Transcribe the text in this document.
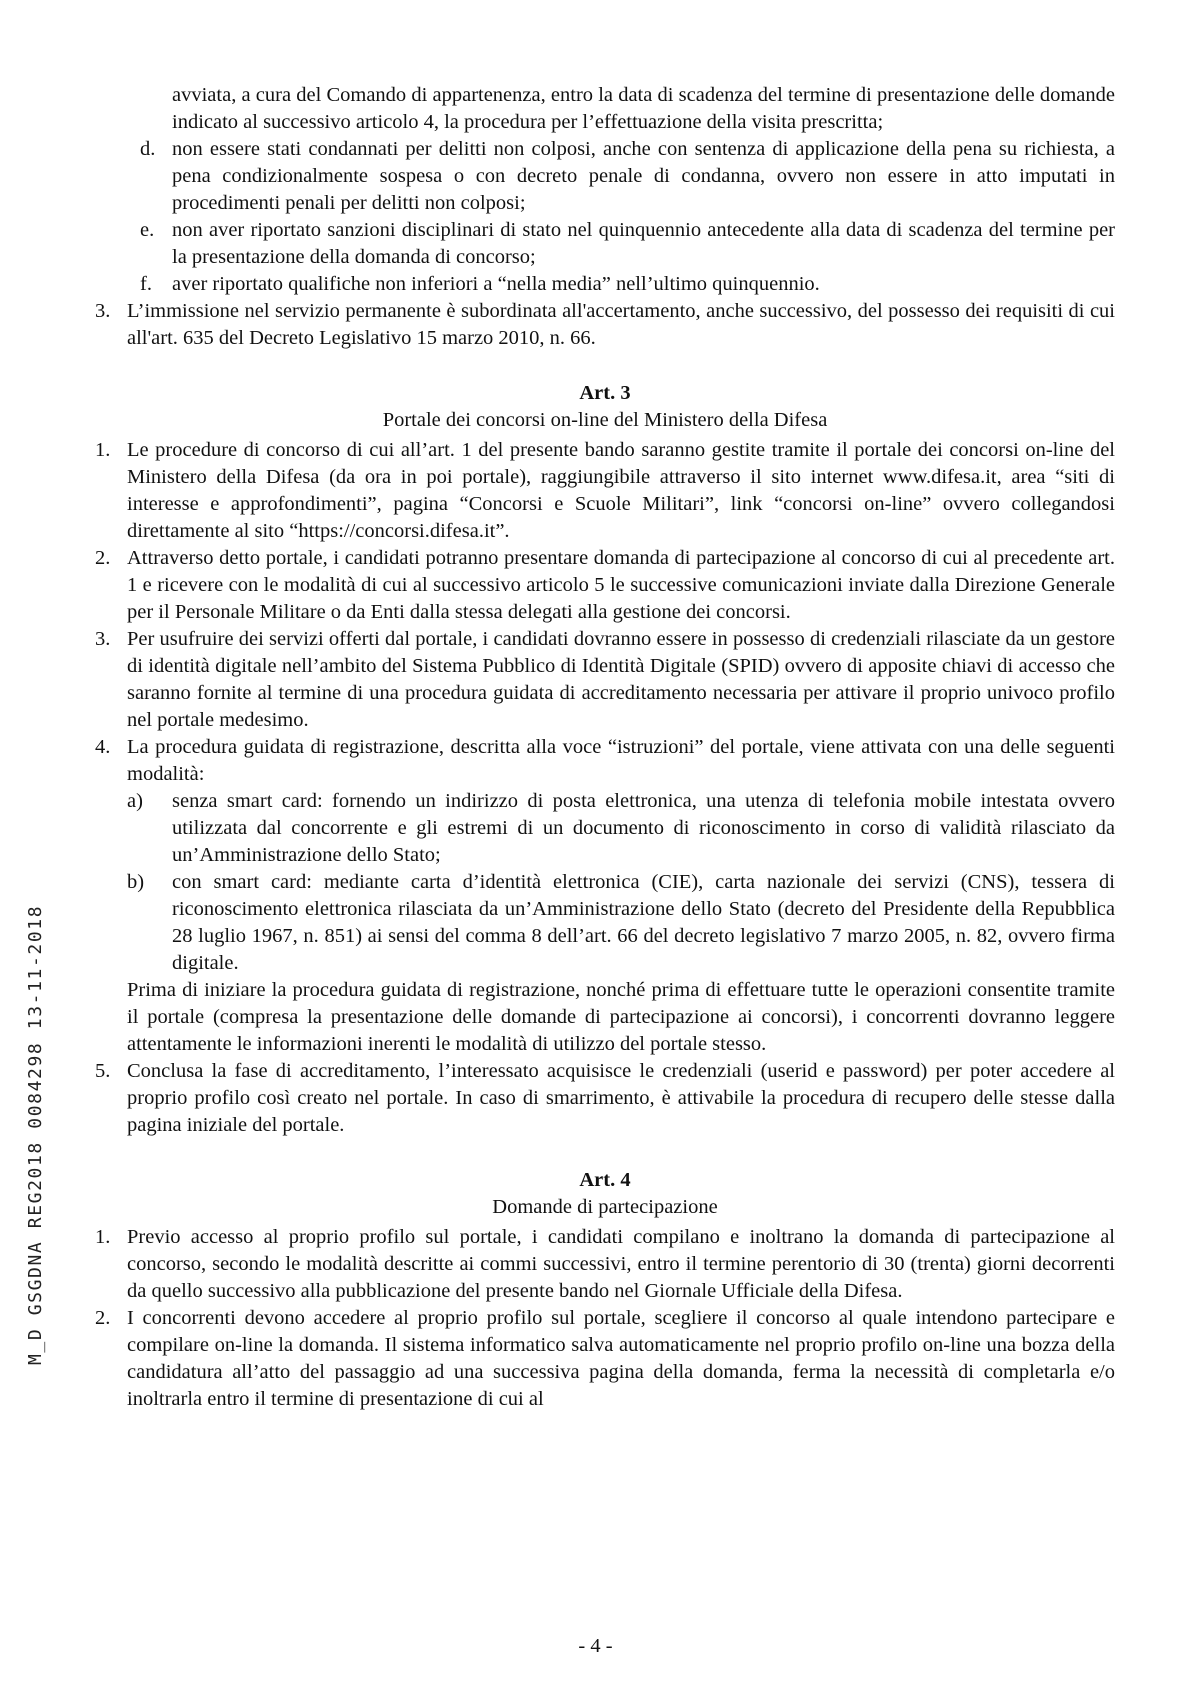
M_D GSGDNA REG2018 0084298 13-11-2018

avviata, a cura del Comando di appartenenza, entro la data di scadenza del termine di presentazione delle domande indicato al successivo articolo 4, la procedura per l’effettuazione della visita prescritta;

d. non essere stati condannati per delitti non colposi, anche con sentenza di applicazione della pena su richiesta, a pena condizionalmente sospesa o con decreto penale di condanna, ovvero non essere in atto imputati in procedimenti penali per delitti non colposi;

e. non aver riportato sanzioni disciplinari di stato nel quinquennio antecedente alla data di scadenza del termine per la presentazione della domanda di concorso;

f. aver riportato qualifiche non inferiori a “nella media” nell’ultimo quinquennio.

3. L’immissione nel servizio permanente è subordinata all'accertamento, anche successivo, del possesso dei requisiti di cui all'art. 635 del Decreto Legislativo 15 marzo 2010, n. 66.

Art. 3
Portale dei concorsi on-line del Ministero della Difesa
1. Le procedure di concorso di cui all’art. 1 del presente bando saranno gestite tramite il portale dei concorsi on-line del Ministero della Difesa (da ora in poi portale), raggiungibile attraverso il sito internet www.difesa.it, area “siti di interesse e approfondimenti”, pagina “Concorsi e Scuole Militari”, link “concorsi on-line” ovvero collegandosi direttamente al sito “https://concorsi.difesa.it”.

2. Attraverso detto portale, i candidati potranno presentare domanda di partecipazione al concorso di cui al precedente art. 1 e ricevere con le modalità di cui al successivo articolo 5 le successive comunicazioni inviate dalla Direzione Generale per il Personale Militare o da Enti dalla stessa delegati alla gestione dei concorsi.

3. Per usufruire dei servizi offerti dal portale, i candidati dovranno essere in possesso di credenziali rilasciate da un gestore di identità digitale nell’ambito del Sistema Pubblico di Identità Digitale (SPID) ovvero di apposite chiavi di accesso che saranno fornite al termine di una procedura guidata di accreditamento necessaria per attivare il proprio univoco profilo nel portale medesimo.

4. La procedura guidata di registrazione, descritta alla voce “istruzioni” del portale, viene attivata con una delle seguenti modalità:

a) senza smart card: fornendo un indirizzo di posta elettronica, una utenza di telefonia mobile intestata ovvero utilizzata dal concorrente e gli estremi di un documento di riconoscimento in corso di validità rilasciato da un’Amministrazione dello Stato;

b) con smart card: mediante carta d’identità elettronica (CIE), carta nazionale dei servizi (CNS), tessera di riconoscimento elettronica rilasciata da un’Amministrazione dello Stato (decreto del Presidente della Repubblica 28 luglio 1967, n. 851) ai sensi del comma 8 dell’art. 66 del decreto legislativo 7 marzo 2005, n. 82, ovvero firma digitale.

Prima di iniziare la procedura guidata di registrazione, nonché prima di effettuare tutte le operazioni consentite tramite il portale (compresa la presentazione delle domande di partecipazione ai concorsi), i concorrenti dovranno leggere attentamente le informazioni inerenti le modalità di utilizzo del portale stesso.

5. Conclusa la fase di accreditamento, l’interessato acquisisce le credenziali (userid e password) per poter accedere al proprio profilo così creato nel portale. In caso di smarrimento, è attivabile la procedura di recupero delle stesse dalla pagina iniziale del portale.

Art. 4
Domande di partecipazione
1. Previo accesso al proprio profilo sul portale, i candidati compilano e inoltrano la domanda di partecipazione al concorso, secondo le modalità descritte ai commi successivi, entro il termine perentorio di 30 (trenta) giorni decorrenti da quello successivo alla pubblicazione del presente bando nel Giornale Ufficiale della Difesa.

2. I concorrenti devono accedere al proprio profilo sul portale, scegliere il concorso al quale intendono partecipare e compilare on-line la domanda. Il sistema informatico salva automaticamente nel proprio profilo on-line una bozza della candidatura all’atto del passaggio ad una successiva pagina della domanda, ferma la necessità di completarla e/o inoltrarla entro il termine di presentazione di cui al

- 4 -
